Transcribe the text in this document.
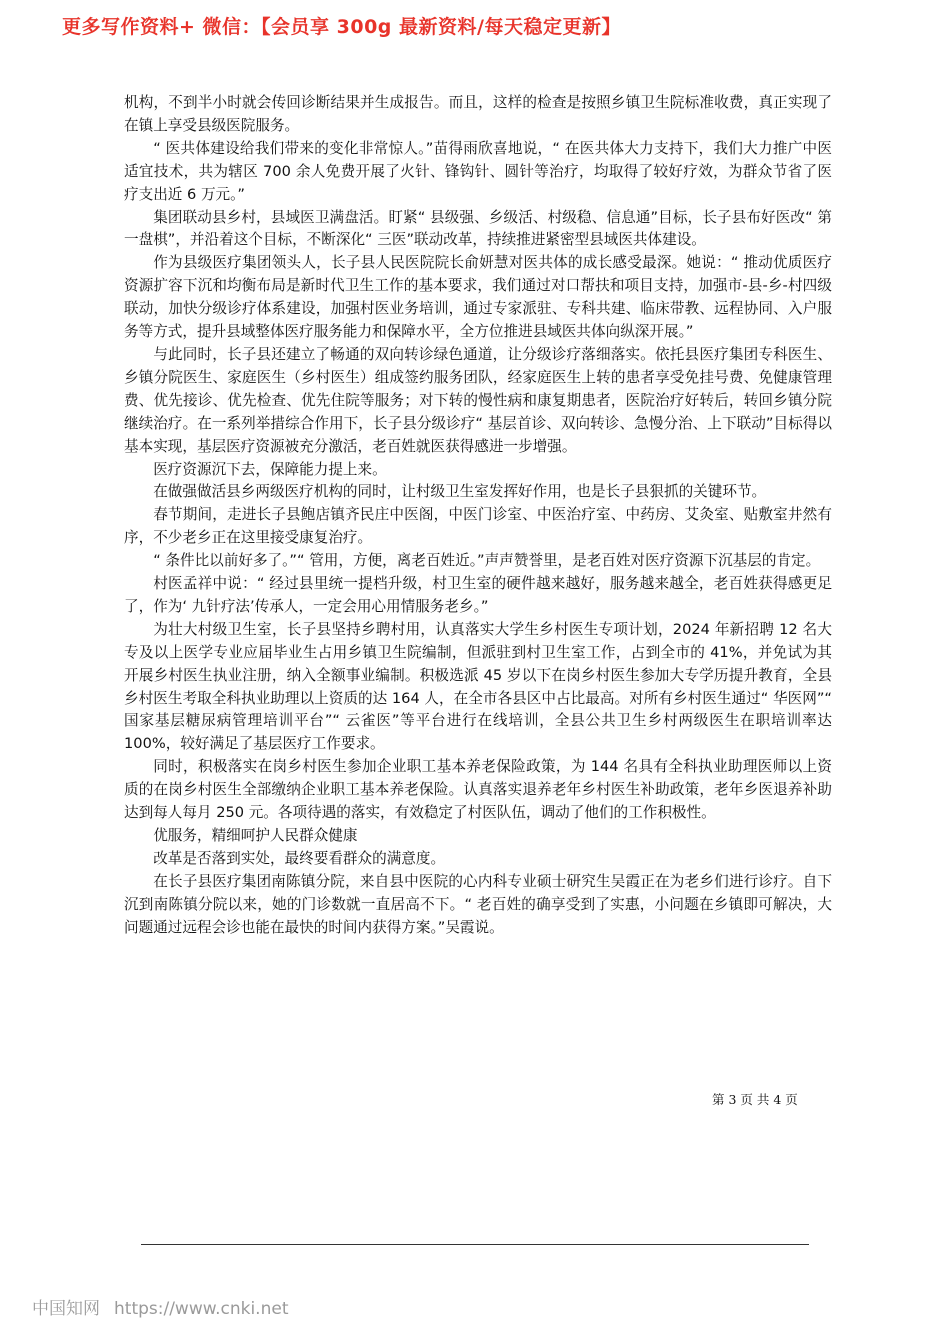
更多写作资料+ 微信：【会员享 300g 最新资料/每天稳定更新】

机构，不到半小时就会传回诊断结果并生成报告。而且，这样的检查是按照乡镇卫生院标准收费，真正实现了在镇上享受县级医院服务。

“ 医共体建设给我们带来的变化非常惊人。”苗得雨欣喜地说，“ 在医共体大力支持下，我们大力推广中医适宜技术，共为辖区 700 余人免费开展了火针、锋钩针、圆针等治疗，均取得了较好疗效，为群众节省了医疗支出近 6 万元。”

集团联动县乡村，县域医卫满盘活。盯紧“ 县级强、乡级活、村级稳、信息通”目标，长子县布好医改“ 第一盘棋”，并沿着这个目标，不断深化“ 三医”联动改革，持续推进紧密型县域医共体建设。

作为县级医疗集团领头人，长子县人民医院院长俞妍慧对医共体的成长感受最深。她说：“ 推动优质医疗资源扩容下沉和均衡布局是新时代卫生工作的基本要求，我们通过对口帮扶和项目支持，加强市-县-乡-村四级联动，加快分级诊疗体系建设，加强村医业务培训，通过专家派驻、专科共建、临床带教、远程协同、入户服务等方式，提升县域整体医疗服务能力和保障水平，全方位推进县域医共体向纵深开展。”

与此同时，长子县还建立了畅通的双向转诊绿色通道，让分级诊疗落细落实。依托县医疗集团专科医生、乡镇分院医生、家庭医生（乡村医生）组成签约服务团队，经家庭医生上转的患者享受免挂号费、免健康管理费、优先接诊、优先检查、优先住院等服务；对下转的慢性病和康复期患者，医院治疗好转后，转回乡镇分院继续治疗。在一系列举措综合作用下，长子县分级诊疗“ 基层首诊、双向转诊、急慢分治、上下联动”目标得以基本实现，基层医疗资源被充分激活，老百姓就医获得感进一步增强。

医疗资源沉下去，保障能力提上来。

在做强做活县乡两级医疗机构的同时，让村级卫生室发挥好作用，也是长子县狠抓的关键环节。

春节期间，走进长子县鲍店镇齐民庄中医阁，中医门诊室、中医治疗室、中药房、艾灸室、贴敷室井然有序，不少老乡正在这里接受康复治疗。

“ 条件比以前好多了。”“ 管用，方便，离老百姓近。”声声赞誉里，是老百姓对医疗资源下沉基层的肯定。

村医孟祥中说：“ 经过县里统一提档升级，村卫生室的硬件越来越好，服务越来越全，老百姓获得感更足了，作为‘ 九针疗法’传承人，一定会用心用情服务老乡。”

为壮大村级卫生室，长子县坚持乡聘村用，认真落实大学生乡村医生专项计划，2024 年新招聘 12 名大专及以上医学专业应届毕业生占用乡镇卫生院编制，但派驻到村卫生室工作，占到全市的 41%，并免试为其开展乡村医生执业注册，纳入全额事业编制。积极选派 45 岁以下在岗乡村医生参加大专学历提升教育，全县乡村医生考取全科执业助理以上资质的达 164 人，在全市各县区中占比最高。对所有乡村医生通过“ 华医网”“ 国家基层糖尿病管理培训平台”“ 云雀医”等平台进行在线培训，全县公共卫生乡村两级医生在职培训率达 100%，较好满足了基层医疗工作要求。

同时，积极落实在岗乡村医生参加企业职工基本养老保险政策，为 144 名具有全科执业助理医师以上资质的在岗乡村医生全部缴纳企业职工基本养老保险。认真落实退养老年乡村医生补助政策，老年乡医退养补助达到每人每月 250 元。各项待遇的落实，有效稳定了村医队伍，调动了他们的工作积极性。

优服务，精细呵护人民群众健康

改革是否落到实处，最终要看群众的满意度。

在长子县医疗集团南陈镇分院，来自县中医院的心内科专业硕士研究生吴霞正在为老乡们进行诊疗。自下沉到南陈镇分院以来，她的门诊数就一直居高不下。“ 老百姓的确享受到了实惠，小问题在乡镇即可解决，大问题通过远程会诊也能在最快的时间内获得方案。”吴霞说。

第 3 页 共 4 页
中国知网 https://www.cnki.net
